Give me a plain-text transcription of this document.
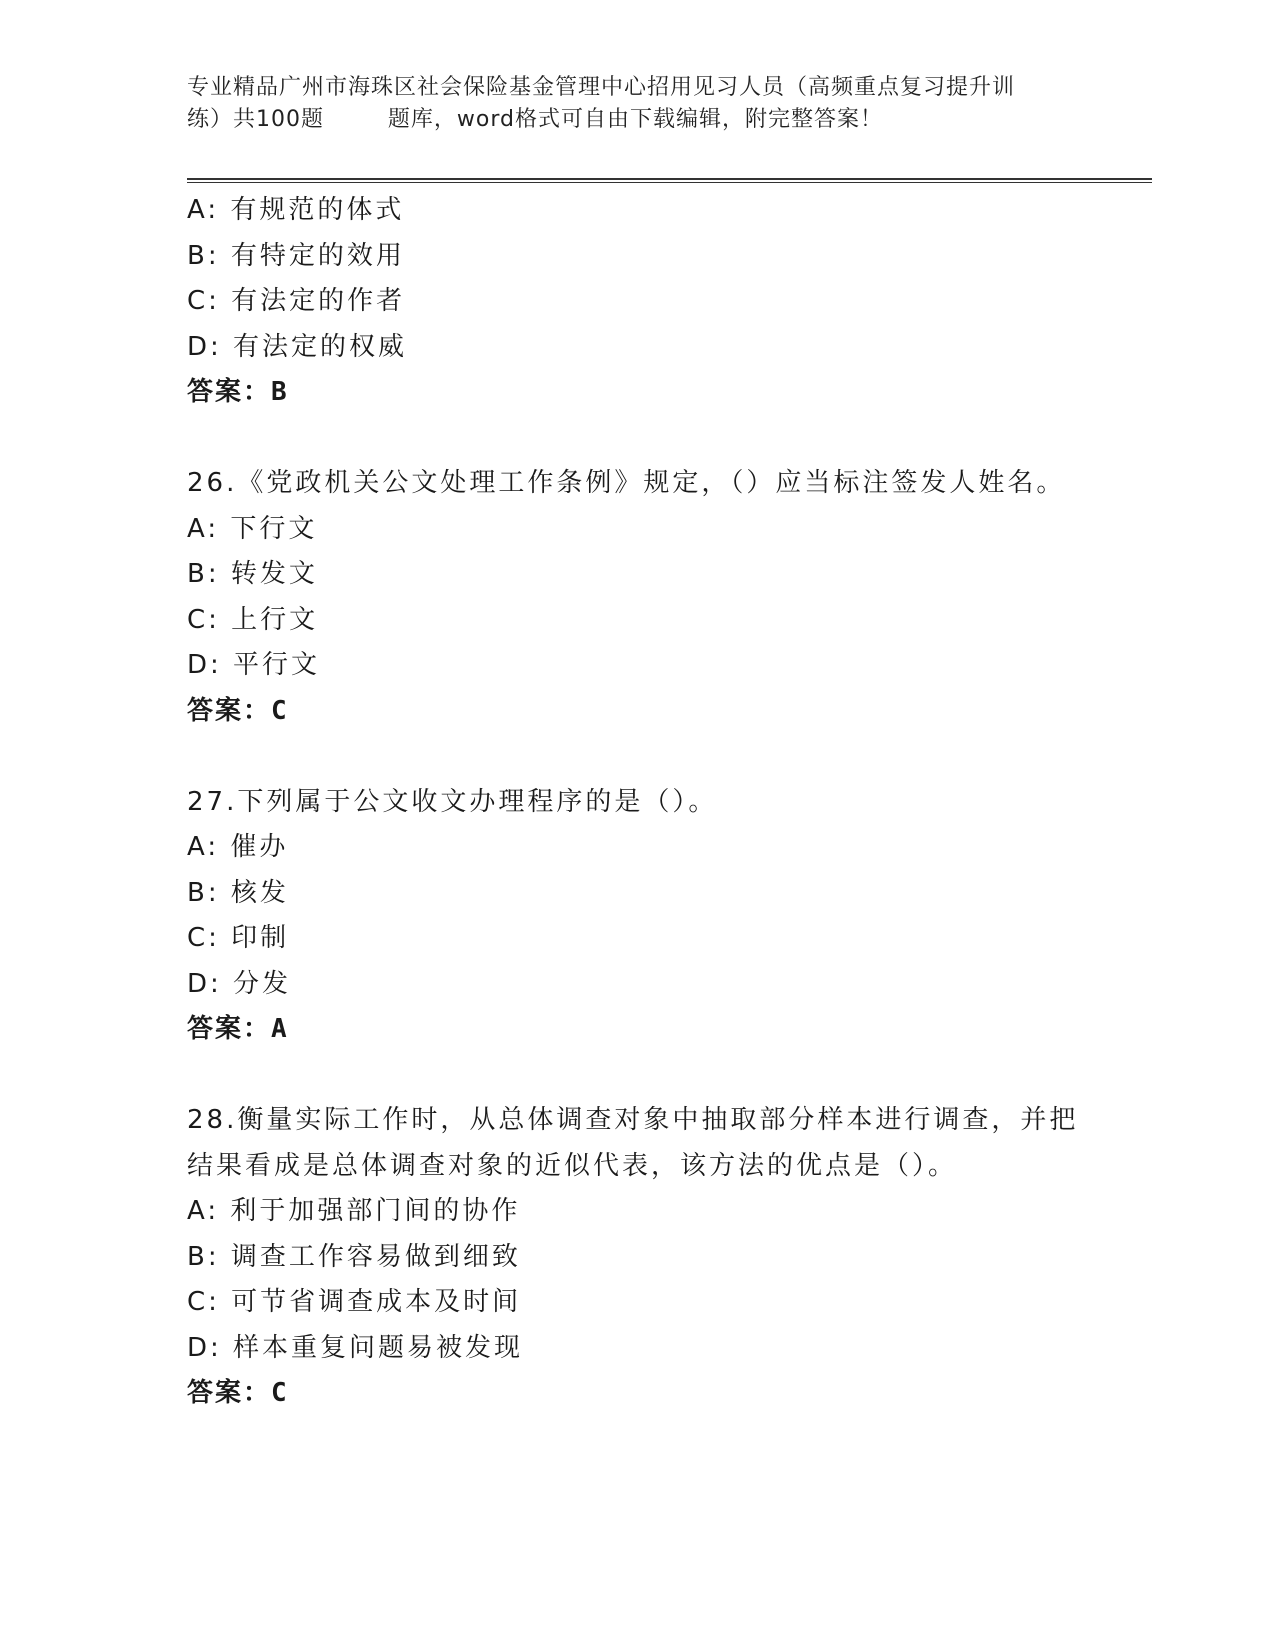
专业精品广州市海珠区社会保险基金管理中心招用见习人员（高频重点复习提升训
练）共100题        题库，word格式可自由下载编辑，附完整答案！
A: 有规范的体式
B: 有特定的效用
C: 有法定的作者
D: 有法定的权威
答案：B
26.《党政机关公文处理工作条例》规定，（）应当标注签发人姓名。
A: 下行文
B: 转发文
C: 上行文
D: 平行文
答案：C
27.下列属于公文收文办理程序的是（）。
A: 催办
B: 核发
C: 印制
D: 分发
答案：A
28.衡量实际工作时，从总体调查对象中抽取部分样本进行调查，并把
结果看成是总体调查对象的近似代表，该方法的优点是（）。
A: 利于加强部门间的协作
B: 调查工作容易做到细致
C: 可节省调查成本及时间
D: 样本重复问题易被发现
答案：C
